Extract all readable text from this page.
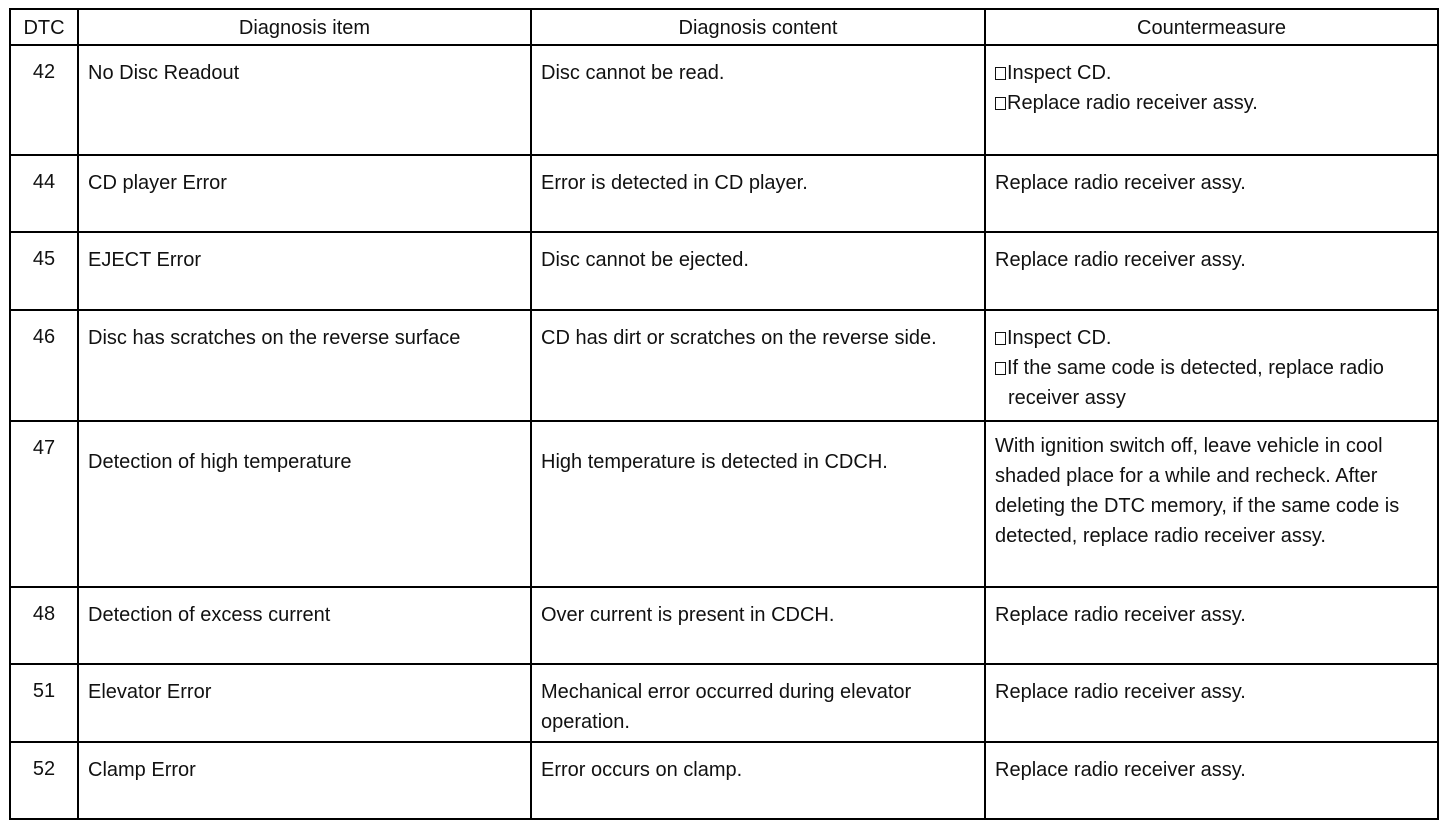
DTC	Diagnosis item	Diagnosis content	Countermeasure
42	No Disc Readout	Disc cannot be read.	Inspect CD.
Replace radio receiver assy.

44	CD player Error	Error is detected in CD player.	Replace radio receiver assy.

45	EJECT Error	Disc cannot be ejected.	Replace radio receiver assy.

46	Disc has scratches on the reverse surface	CD has dirt or scratches on the reverse side.	Inspect CD.
If the same code is detected, replace radio
receiver assy

47	Detection of high temperature	High temperature is detected in CDCH.	With ignition switch off, leave vehicle in cool shaded place for a while and recheck. After deleting the DTC memory, if the same code is detected, replace radio receiver assy.

48	Detection of excess current	Over current is present in CDCH.	Replace radio receiver assy.

51	Elevator Error	Mechanical error occurred during elevator operation.	Replace radio receiver assy.

52	Clamp Error	Error occurs on clamp.	Replace radio receiver assy.
